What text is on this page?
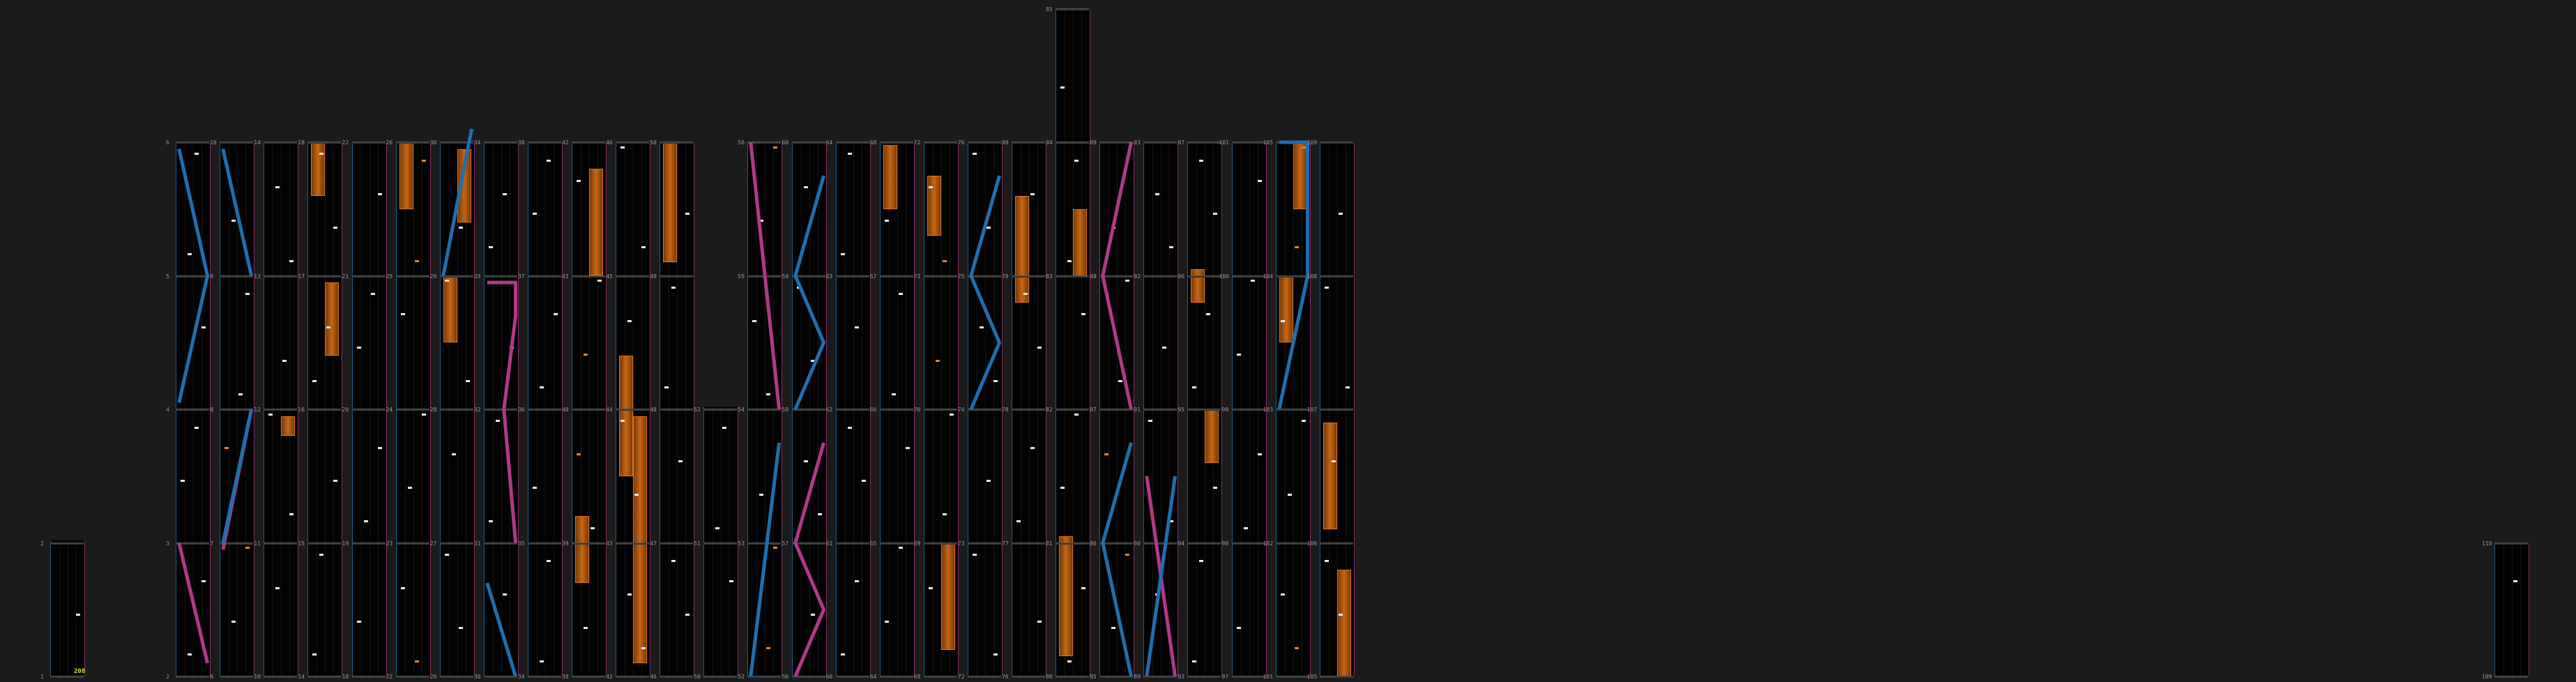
1
2
208
2
3
4
5
6
6
7
8
9
10
10
11
12
13
14
14
15
16
17
18
18
19
20
21
22
22
23
24
25
26
26
27
28
29
30
30
31
32
33
34
34
35
36
37
38
38
39
40
41
42
42
43
44
45
46
46
47
48
49
50
50
51
52
52
53
54
55
56
56
57
58
59
60
60
61
62
63
64
64
65
66
67
68
68
69
70
71
72
72
73
74
75
76
76
77
78
79
80
80
81
82
83
84
85
85
86
87
88
89
89
90
91
92
93
93
94
95
96
97
97
98
99
100
101
101
102
103
104
105
105
106
107
108
109
109
110
